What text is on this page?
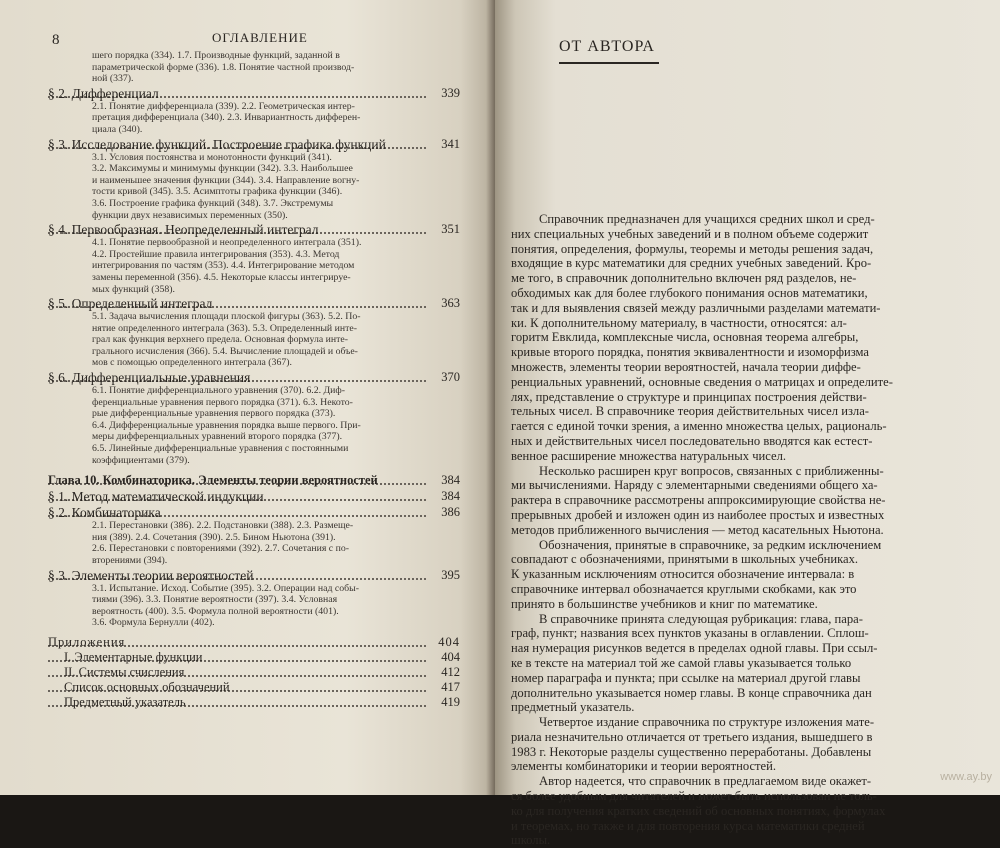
8	ОГЛАВЛЕНИЕ
шего порядка (334). 1.7. Производные функций, заданной в
параметрической форме (336). 1.8. Понятие частной производ-
ной (337).
§ 2. Дифференциал	339
2.1. Понятие дифференциала (339). 2.2. Геометрическая интер-
претация дифференциала (340). 2.3. Инвариантность дифферен-
циала (340).
§ 3. Исследование функций. Построение графика функций	341
3.1. Условия постоянства и монотонности функций (341).
3.2. Максимумы и минимумы функции (342). 3.3. Наибольшее
и наименьшее значения функции (344). 3.4. Направление вогну-
тости кривой (345). 3.5. Асимптоты графика функции (346).
3.6. Построение графика функций (348). 3.7. Экстремумы
функции двух независимых переменных (350).
§ 4. Первообразная. Неопределенный интеграл	351
4.1. Понятие первообразной и неопределенного интеграла (351).
4.2. Простейшие правила интегрирования (353). 4.3. Метод
интегрирования по частям (353). 4.4. Интегрирование методом
замены переменной (356). 4.5. Некоторые классы интегрируе-
мых функций (358).
§ 5. Определенный интеграл	363
5.1. Задача вычисления площади плоской фигуры (363). 5.2. По-
нятие определенного интеграла (363). 5.3. Определенный инте-
грал как функция верхнего предела. Основная формула инте-
грального исчисления (366). 5.4. Вычисление площадей и объе-
мов с помощью определенного интеграла (367).
§ 6. Дифференциальные уравнения	370
6.1. Понятие дифференциального уравнения (370). 6.2. Диф-
ференциальные уравнения первого порядка (371). 6.3. Некото-
рые дифференциальные уравнения первого порядка (373).
6.4. Дифференциальные уравнения порядка выше первого. При-
меры дифференциальных уравнений второго порядка (377).
6.5. Линейные дифференциальные уравнения с постоянными
коэффициентами (379).
Глава 10. Комбинаторика. Элементы теории вероятностей	384
§ 1. Метод математической индукции	384
§ 2. Комбинаторика	386
2.1. Перестановки (386). 2.2. Подстановки (388). 2.3. Размеще-
ния (389). 2.4. Сочетания (390). 2.5. Бином Ньютона (391).
2.6. Перестановки с повторениями (392). 2.7. Сочетания с по-
вторениями (394).
§ 3. Элементы теории вероятностей	395
3.1. Испытание. Исход. Событие (395). 3.2. Операции над собы-
тиями (396). 3.3. Понятие вероятности (397). 3.4. Условная
вероятность (400). 3.5. Формула полной вероятности (401).
3.6. Формула Бернулли (402).
Приложения	404
I. Элементарные функции	404
II. Системы счисления	412
Список основных обозначений	417
Предметный указатель	419
ОТ АВТОРА
Справочник предназначен для учащихся средних школ и сред-
них специальных учебных заведений и в полном объеме содержит
понятия, определения, формулы, теоремы и методы решения задач,
входящие в курс математики для средних учебных заведений. Кро-
ме того, в справочник дополнительно включен ряд разделов, не-
обходимых как для более глубокого понимания основ математики,
так и для выявления связей между различными разделами математи-
ки. К дополнительному материалу, в частности, относятся: ал-
горитм Евклида, комплексные числа, основная теорема алгебры,
кривые второго порядка, понятия эквивалентности и изоморфизма
множеств, элементы теории вероятностей, начала теории диффе-
ренциальных уравнений, основные сведения о матрицах и определите-
лях, представление о структуре и принципах построения действи-
тельных чисел. В справочнике теория действительных чисел изла-
гается с единой точки зрения, а именно множества целых, рациональ-
ных и действительных чисел последовательно вводятся как естест-
венное расширение множества натуральных чисел.
Несколько расширен круг вопросов, связанных с приближенны-
ми вычислениями. Наряду с элементарными сведениями общего ха-
рактера в справочнике рассмотрены аппроксимирующие свойства не-
прерывных дробей и изложен один из наиболее простых и известных
методов приближенного вычисления — метод касательных Ньютона.
Обозначения, принятые в справочнике, за редким исключением
совпадают с обозначениями, принятыми в школьных учебниках.
К указанным исключениям относится обозначение интервала: в
справочнике интервал обозначается круглыми скобками, как это
принято в большинстве учебников и книг по математике.
В справочнике принята следующая рубрикация: глава, пара-
граф, пункт; названия всех пунктов указаны в оглавлении. Сплош-
ная нумерация рисунков ведется в пределах одной главы. При ссыл-
ке в тексте на материал той же самой главы указывается только
номер параграфа и пункта; при ссылке на материал другой главы
дополнительно указывается номер главы. В конце справочника дан
предметный указатель.
Четвертое издание справочника по структуре изложения мате-
риала незначительно отличается от третьего издания, вышедшего в
1983 г. Некоторые разделы существенно переработаны. Добавлены
элементы комбинаторики и теории вероятностей.
Автор надеется, что справочник в предлагаемом виде окажет-
ся более удобным для читателей и может быть использован не толь-
ко для получения кратких сведений об основных понятиях, формулах
и теоремах, но также и для повторения курса математики средней
школы.
www.ay.by
